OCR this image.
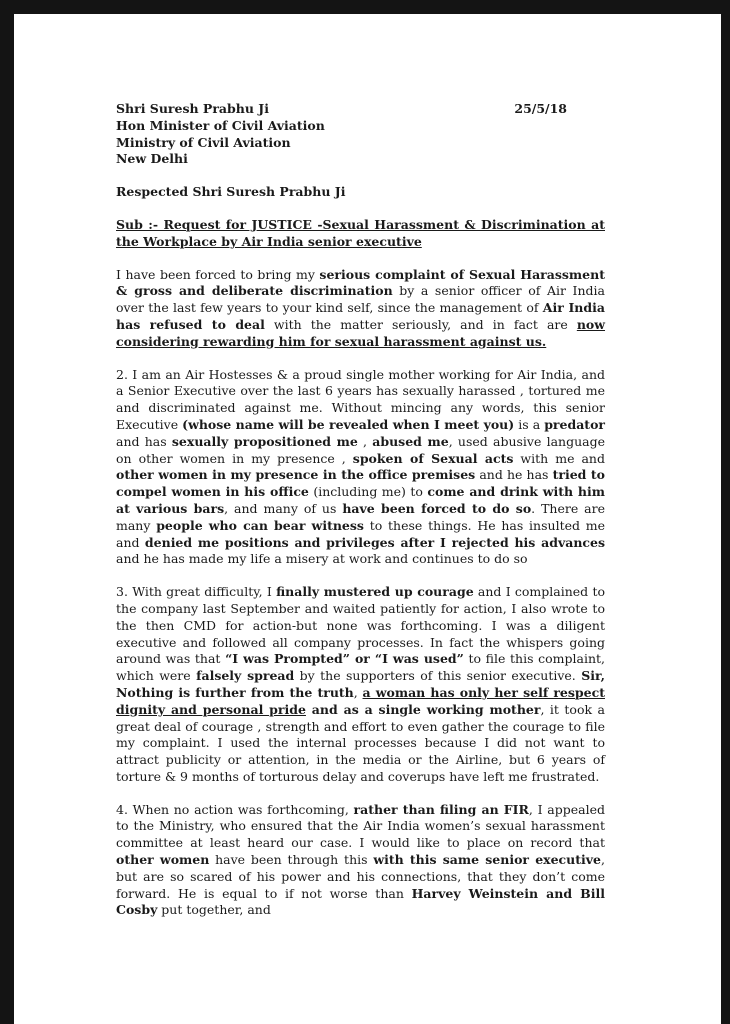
Shri Suresh Prabhu Ji
Hon Minister of Civil Aviation
Ministry of Civil Aviation
New Delhi
25/5/18
Respected Shri Suresh Prabhu Ji
Sub :- Request for JUSTICE -Sexual Harassment & Discrimination at the Workplace by Air India senior executive
I have been forced to bring my serious complaint of Sexual Harassment & gross and deliberate discrimination by a senior officer of Air India over the last few years to your kind self, since the management of Air India has refused to deal with the matter seriously, and in fact are now considering rewarding him for sexual harassment against us.
2. I am an Air Hostesses & a proud single mother working for Air India, and a Senior Executive over the last 6 years has sexually harassed , tortured me and discriminated against me. Without mincing any words, this senior Executive (whose name will be revealed when I meet you) is a predator and has sexually propositioned me , abused me, used abusive language on other women in my presence , spoken of Sexual acts with me and other women in my presence in the office premises and he has tried to compel women in his office (including me) to come and drink with him at various bars, and many of us have been forced to do so. There are many people who can bear witness to these things. He has insulted me and denied me positions and privileges after I rejected his advances and he has made my life a misery at work and continues to do so
3. With great difficulty, I finally mustered up courage and I complained to the company last September and waited patiently for action, I also wrote to the then CMD for action-but none was forthcoming. I was a diligent executive and followed all company processes. In fact the whispers going around was that “I was Prompted” or “I was used” to file this complaint, which were falsely spread by the supporters of this senior executive. Sir, Nothing is further from the truth, a woman has only her self respect dignity and personal pride and as a single working mother, it took a great deal of courage , strength and effort to even gather the courage to file my complaint. I used the internal processes because I did not want to attract publicity or attention, in the media or the Airline, but 6 years of torture & 9 months of torturous delay and coverups have left me frustrated.
4. When no action was forthcoming, rather than filing an FIR, I appealed to the Ministry, who ensured that the Air India women’s sexual harassment committee at least heard our case. I would like to place on record that other women have been through this with this same senior executive, but are so scared of his power and his connections, that they don’t come forward. He is equal to if not worse than Harvey Weinstein and Bill Cosby put together, and
